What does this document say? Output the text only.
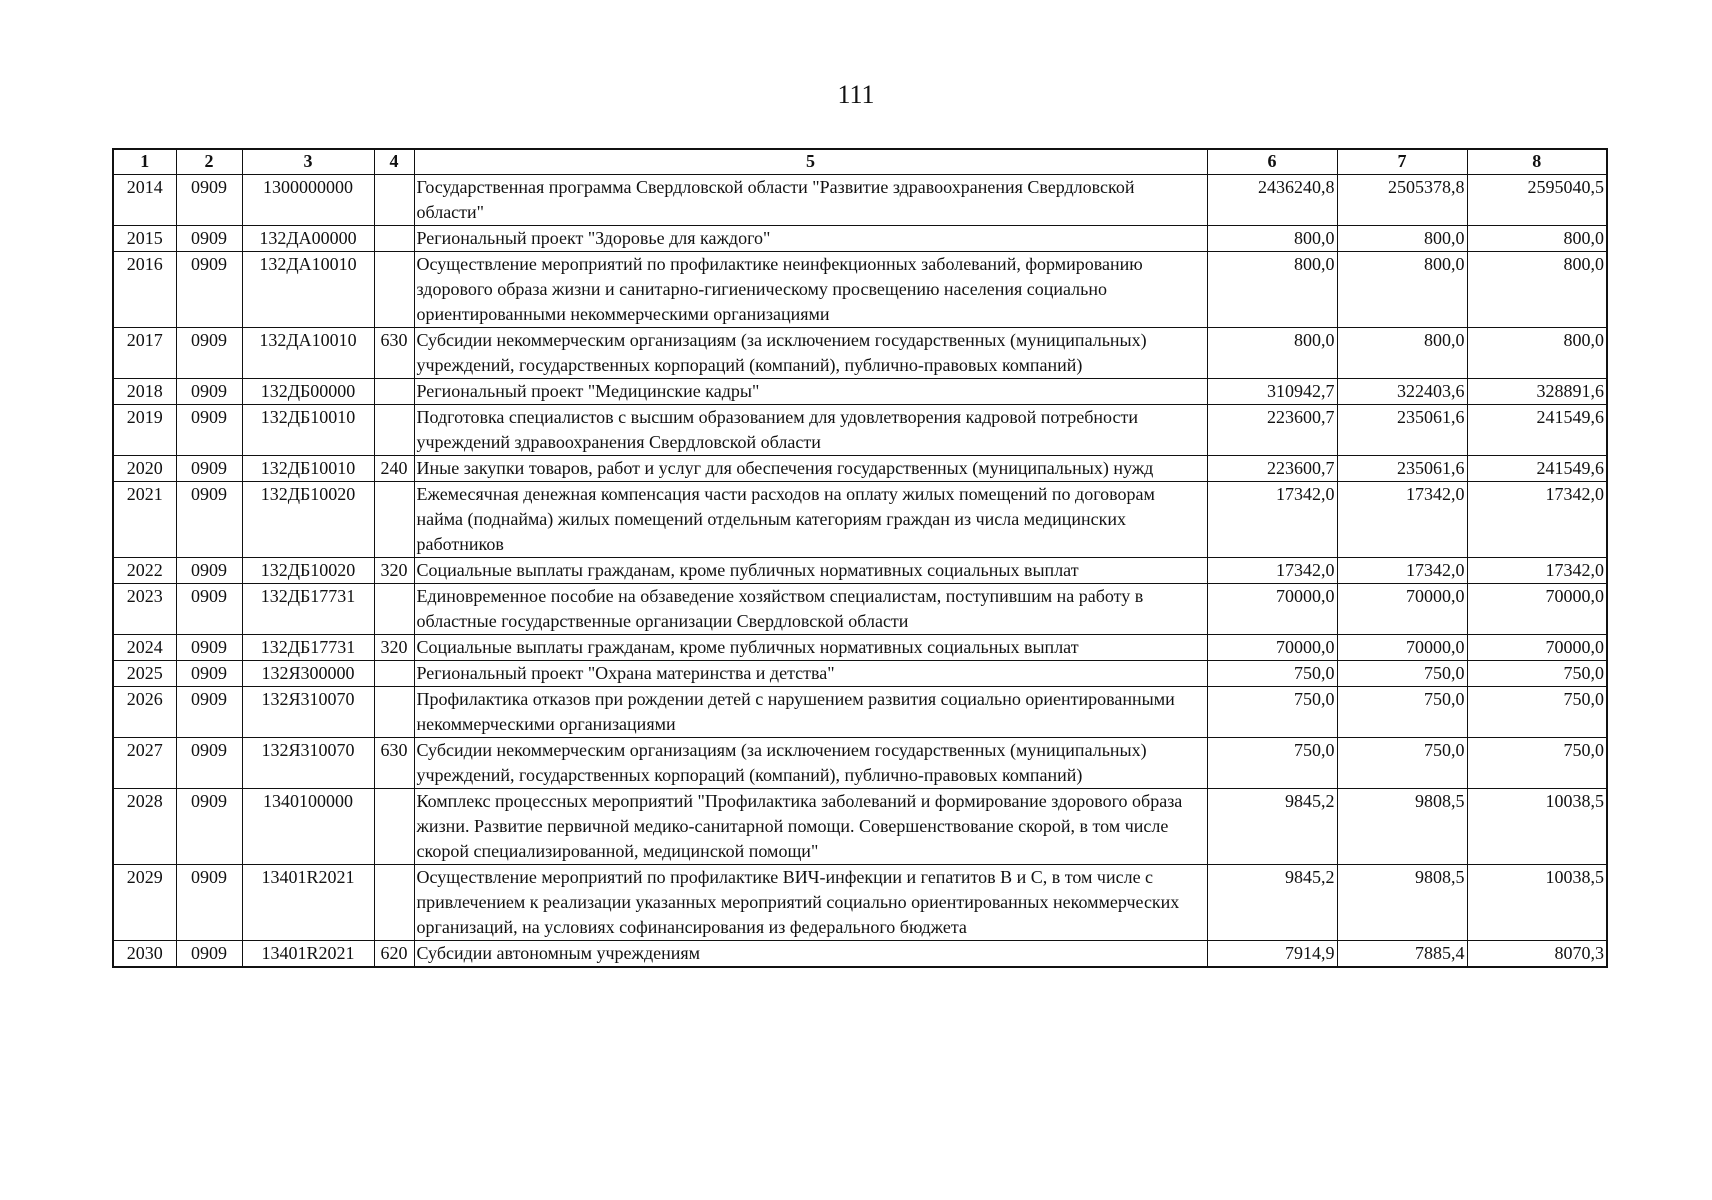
111
1	2	3	4	5	6	7	8
2014	0909	1300000000		Государственная программа Свердловской области "Развитие здравоохранения Свердловской области"	2436240,8	2505378,8	2595040,5
2015	0909	132ДА00000		Региональный проект "Здоровье для каждого"	800,0	800,0	800,0
2016	0909	132ДА10010		Осуществление мероприятий по профилактике неинфекционных заболеваний, формированию здорового образа жизни и санитарно-гигиеническому просвещению населения социально ориентированными некоммерческими организациями	800,0	800,0	800,0
2017	0909	132ДА10010	630	Субсидии некоммерческим организациям (за исключением государственных (муниципальных) учреждений, государственных корпораций (компаний), публично-правовых компаний)	800,0	800,0	800,0
2018	0909	132ДБ00000		Региональный проект "Медицинские кадры"	310942,7	322403,6	328891,6
2019	0909	132ДБ10010		Подготовка специалистов с высшим образованием для удовлетворения кадровой потребности учреждений здравоохранения Свердловской области	223600,7	235061,6	241549,6
2020	0909	132ДБ10010	240	Иные закупки товаров, работ и услуг для обеспечения государственных (муниципальных) нужд	223600,7	235061,6	241549,6
2021	0909	132ДБ10020		Ежемесячная денежная компенсация части расходов на оплату жилых помещений по договорам найма (поднайма) жилых помещений отдельным категориям граждан из числа медицинских работников	17342,0	17342,0	17342,0
2022	0909	132ДБ10020	320	Социальные выплаты гражданам, кроме публичных нормативных социальных выплат	17342,0	17342,0	17342,0
2023	0909	132ДБ17731		Единовременное пособие на обзаведение хозяйством специалистам, поступившим на работу в областные государственные организации Свердловской области	70000,0	70000,0	70000,0
2024	0909	132ДБ17731	320	Социальные выплаты гражданам, кроме публичных нормативных социальных выплат	70000,0	70000,0	70000,0
2025	0909	132Я300000		Региональный проект "Охрана материнства и детства"	750,0	750,0	750,0
2026	0909	132Я310070		Профилактика отказов при рождении детей с нарушением развития социально ориентированными некоммерческими организациями	750,0	750,0	750,0
2027	0909	132Я310070	630	Субсидии некоммерческим организациям (за исключением государственных (муниципальных) учреждений, государственных корпораций (компаний), публично-правовых компаний)	750,0	750,0	750,0
2028	0909	1340100000		Комплекс процессных мероприятий "Профилактика заболеваний и формирование здорового образа жизни. Развитие первичной медико-санитарной помощи. Совершенствование скорой, в том числе скорой специализированной, медицинской помощи"	9845,2	9808,5	10038,5
2029	0909	13401R2021		Осуществление мероприятий по профилактике ВИЧ-инфекции и гепатитов B и C, в том числе с привлечением к реализации указанных мероприятий социально ориентированных некоммерческих организаций, на условиях софинансирования из федерального бюджета	9845,2	9808,5	10038,5
2030	0909	13401R2021	620	Субсидии автономным учреждениям	7914,9	7885,4	8070,3
